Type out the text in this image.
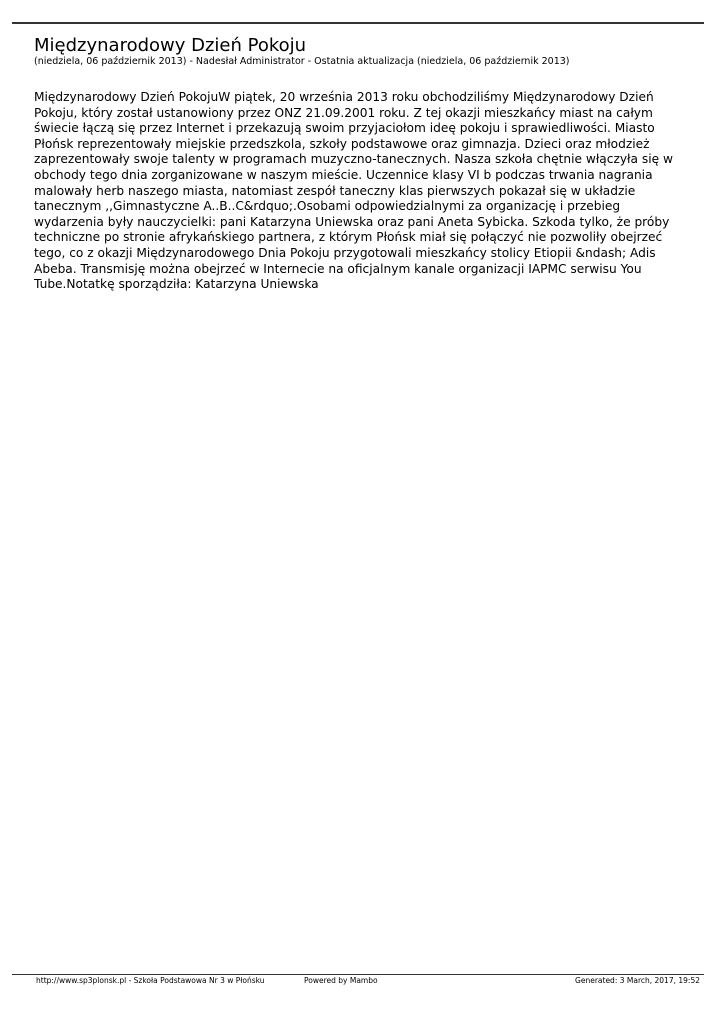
Międzynarodowy Dzień Pokoju
(niedziela, 06 październik 2013) - Nadesłał Administrator - Ostatnia aktualizacja (niedziela, 06 październik 2013)
Międzynarodowy Dzień PokojuW piątek, 20 września 2013 roku obchodziliśmy Międzynarodowy Dzień
Pokoju, który został ustanowiony przez ONZ 21.09.2001 roku. Z tej okazji mieszkańcy miast na całym
świecie łączą się przez Internet i przekazują swoim przyjaciołom ideę pokoju i sprawiedliwości. Miasto
Płońsk reprezentowały miejskie przedszkola, szkoły podstawowe oraz gimnazja. Dzieci oraz młodzież
zaprezentowały swoje talenty w programach muzyczno-tanecznych. Nasza szkoła chętnie włączyła się w
obchody tego dnia zorganizowane w naszym mieście. Uczennice klasy VI b podczas trwania nagrania
malowały herb naszego miasta, natomiast zespół taneczny klas pierwszych pokazał się w układzie
tanecznym ,,Gimnastyczne A..B..C&rdquo;.Osobami odpowiedzialnymi za organizację i przebieg
wydarzenia były nauczycielki: pani Katarzyna Uniewska oraz pani Aneta Sybicka. Szkoda tylko, że próby
techniczne po stronie afrykańskiego partnera, z którym Płońsk miał się połączyć nie pozwoliły obejrzeć
tego, co z okazji Międzynarodowego Dnia Pokoju przygotowali mieszkańcy stolicy Etiopii &ndash; Adis
Abeba. Transmisję można obejrzeć w Internecie na oficjalnym kanale organizacji IAPMC serwisu You
Tube.Notatkę sporządziła: Katarzyna Uniewska
http://www.sp3plonsk.pl - Szkoła Podstawowa Nr 3 w Płońsku	Powered by Mambo	Generated: 3 March, 2017, 19:52
